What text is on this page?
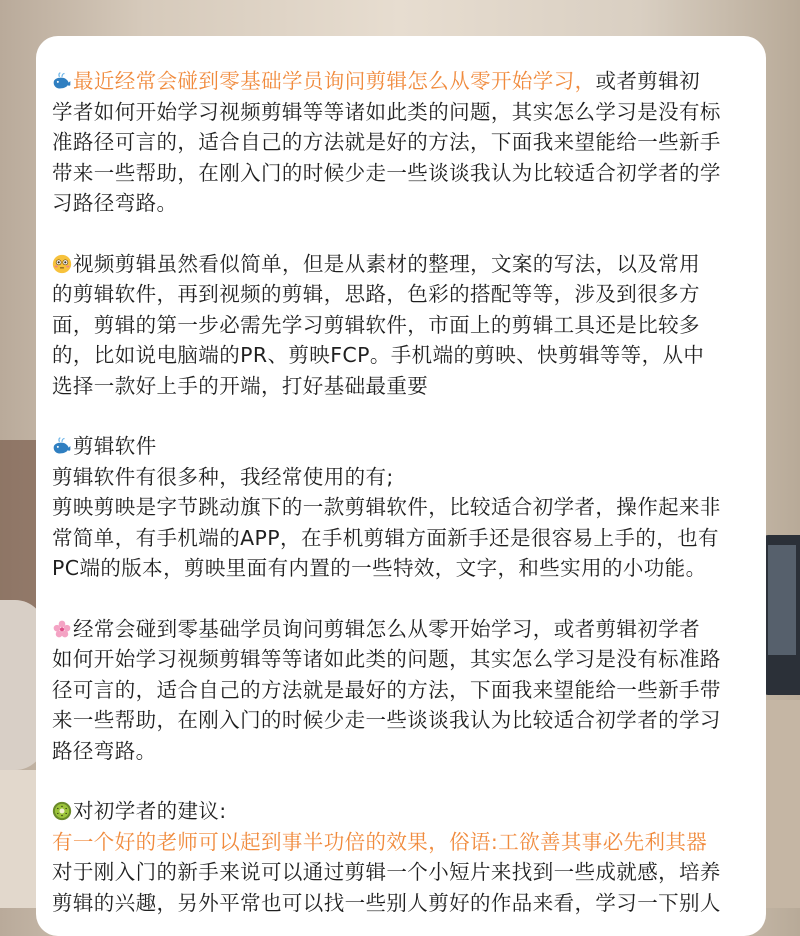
最近经常会碰到零基础学员询问剪辑怎么从零开始学习，或者剪辑初
学者如何开始学习视频剪辑等等诸如此类的问题，其实怎么学习是没有标
准路径可言的，适合自己的方法就是好的方法，下面我来望能给一些新手
带来一些帮助，在刚入门的时候少走一些谈谈我认为比较适合初学者的学
习路径弯路。
视频剪辑虽然看似简单，但是从素材的整理，文案的写法，以及常用
的剪辑软件，再到视频的剪辑，思路，色彩的搭配等等，涉及到很多方
面，剪辑的第一步必需先学习剪辑软件，市面上的剪辑工具还是比较多
的，比如说电脑端的PR、剪映FCP。手机端的剪映、快剪辑等等，从中
选择一款好上手的开端，打好基础最重要
剪辑软件
剪辑软件有很多种，我经常使用的有;
剪映剪映是字节跳动旗下的一款剪辑软件，比较适合初学者，操作起来非
常简单，有手机端的APP，在手机剪辑方面新手还是很容易上手的，也有
PC端的版本，剪映里面有内置的一些特效，文字，和些实用的小功能。
经常会碰到零基础学员询问剪辑怎么从零开始学习，或者剪辑初学者
如何开始学习视频剪辑等等诸如此类的问题，其实怎么学习是没有标准路
径可言的，适合自己的方法就是最好的方法，下面我来望能给一些新手带
来一些帮助，在刚入门的时候少走一些谈谈我认为比较适合初学者的学习
路径弯路。
对初学者的建议:
有一个好的老师可以起到事半功倍的效果，俗语:工欲善其事必先利其器
对于刚入门的新手来说可以通过剪辑一个小短片来找到一些成就感，培养
剪辑的兴趣，另外平常也可以找一些别人剪好的作品来看，学习一下别人
